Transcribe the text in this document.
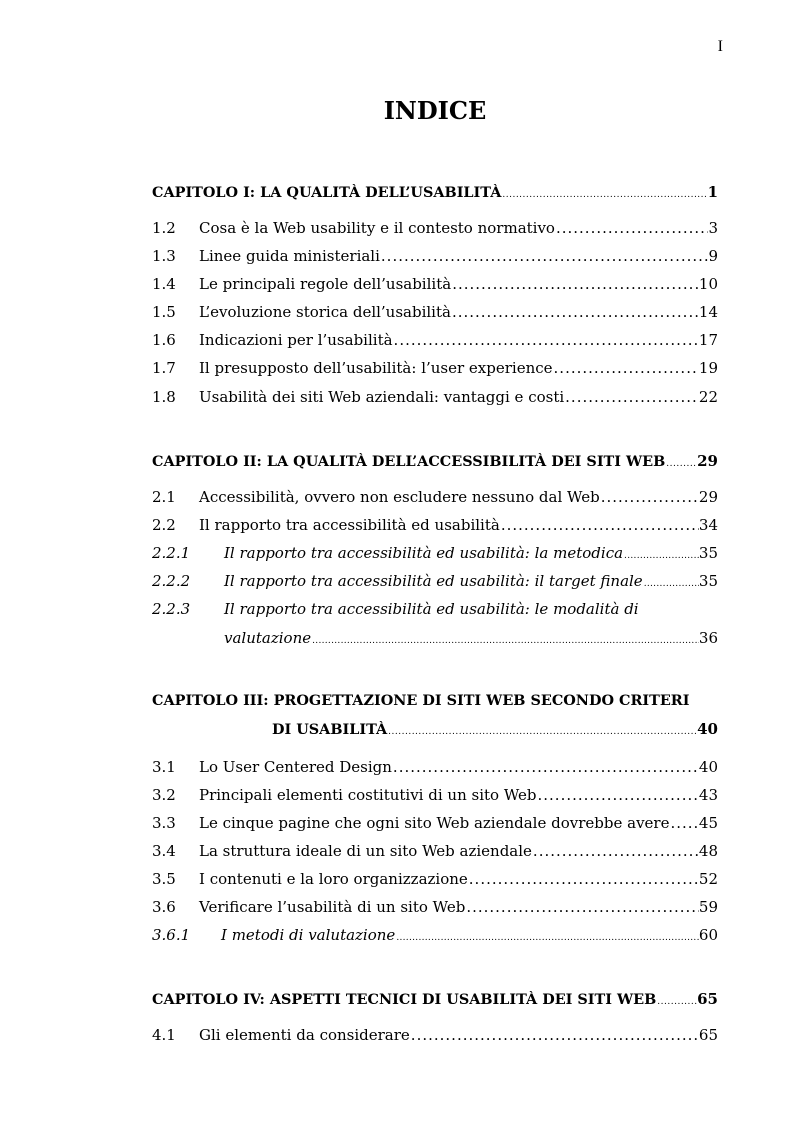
I
INDICE
CAPITOLO I: LA QUALITÀ DELL’USABILITÀ .....	1
1.2	Cosa è la Web usability e il contesto normativo .....	3
1.3	Linee guida ministeriali .....	9
1.4	Le principali regole dell’usabilità .....	10
1.5	L’evoluzione storica dell’usabilità .....	14
1.6	Indicazioni per l’usabilità .....	17
1.7	Il presupposto dell’usabilità: l’user experience .....	19
1.8	Usabilità dei siti Web aziendali: vantaggi e costi .....	22
CAPITOLO II: LA QUALITÀ DELL’ACCESSIBILITÀ DEI SITI WEB ..... 29
2.1	Accessibilità, ovvero non escludere nessuno dal Web .....	29
2.2	Il rapporto tra accessibilità ed usabilità .....	34
2.2.1	Il rapporto tra accessibilità ed usabilità: la metodica .....	35
2.2.2	Il rapporto tra accessibilità ed usabilità: il target finale .....	35
2.2.3	Il rapporto tra accessibilità ed usabilità: le modalità di
valutazione .....	36
CAPITOLO III: PROGETTAZIONE DI SITI WEB SECONDO CRITERI
DI USABILITÀ .....	40
3.1	Lo User Centered Design .....	40
3.2	Principali elementi costitutivi di un sito Web .....	43
3.3	Le cinque pagine che ogni sito Web aziendale dovrebbe avere ..... 45
3.4	La struttura ideale di un sito Web aziendale .....	48
3.5	I contenuti e la loro organizzazione .....	52
3.6	Verificare l’usabilità di un sito Web .....	59
3.6.1	I metodi di valutazione .....	60
CAPITOLO IV: ASPETTI TECNICI DI USABILITÀ DEI SITI WEB .....	65
4.1	Gli elementi da considerare .....	65
